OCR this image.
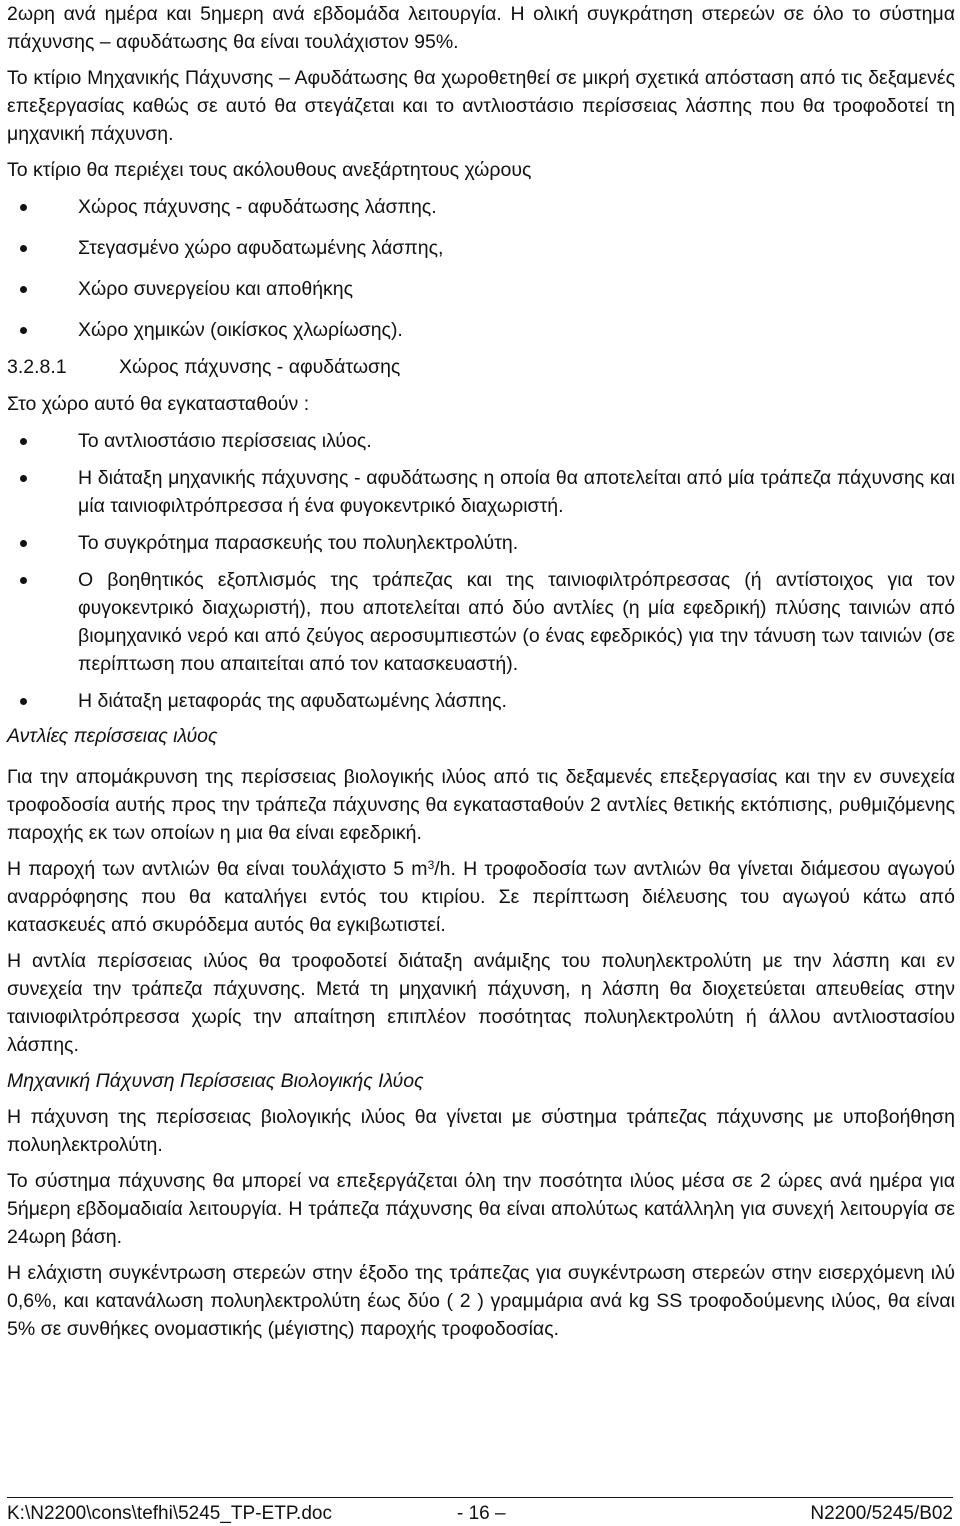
2ωρη ανά ημέρα και 5ημερη ανά εβδομάδα λειτουργία. Η ολική συγκράτηση στερεών σε όλο το σύστημα πάχυνσης – αφυδάτωσης θα είναι τουλάχιστον 95%.

Το κτίριο Μηχανικής Πάχυνσης – Αφυδάτωσης θα χωροθετηθεί σε μικρή σχετικά απόσταση από τις δεξαμενές επεξεργασίας καθώς σε αυτό θα στεγάζεται και το αντλιοστάσιο περίσσειας λάσπης που θα τροφοδοτεί τη μηχανική πάχυνση.

Το κτίριο θα περιέχει τους ακόλουθους ανεξάρτητους χώρους

Χώρος πάχυνσης - αφυδάτωσης λάσπης.
Στεγασμένο χώρο αφυδατωμένης λάσπης,
Χώρο συνεργείου και αποθήκης
Χώρο χημικών (οικίσκος χλωρίωσης).

3.2.8.1	Χώρος πάχυνσης - αφυδάτωσης

Στο χώρο αυτό θα εγκατασταθούν :

Το αντλιοστάσιο περίσσειας ιλύος.
Η διάταξη μηχανικής πάχυνσης - αφυδάτωσης η οποία θα αποτελείται από μία τράπεζα πάχυνσης και μία ταινιοφιλτρόπρεσσα ή ένα φυγοκεντρικό διαχωριστή.
Το συγκρότημα παρασκευής του πολυηλεκτρολύτη.
Ο βοηθητικός εξοπλισμός της τράπεζας και της ταινιοφιλτρόπρεσσας (ή αντίστοιχος για τον φυγοκεντρικό διαχωριστή), που αποτελείται από δύο αντλίες (η μία εφεδρική) πλύσης ταινιών από βιομηχανικό νερό και από ζεύγος αεροσυμπιεστών (ο ένας εφεδρικός) για την τάνυση των ταινιών (σε περίπτωση που απαιτείται από τον κατασκευαστή).
Η διάταξη μεταφοράς της αφυδατωμένης λάσπης.

Αντλίες περίσσειας ιλύος

Για την απομάκρυνση της περίσσειας βιολογικής ιλύος από τις δεξαμενές επεξεργασίας και την εν συνεχεία τροφοδοσία αυτής προς την τράπεζα πάχυνσης θα εγκατασταθούν 2 αντλίες θετικής εκτόπισης, ρυθμιζόμενης παροχής εκ των οποίων η μια θα είναι εφεδρική.

Η παροχή των αντλιών θα είναι τουλάχιστο 5 $m^3/h$. Η τροφοδοσία των αντλιών θα γίνεται διάμεσου αγωγού αναρρόφησης που θα καταλήγει εντός του κτιρίου. Σε περίπτωση διέλευσης του αγωγού κάτω από κατασκευές από σκυρόδεμα αυτός θα εγκιβωτιστεί.

Η αντλία περίσσειας ιλύος θα τροφοδοτεί διάταξη ανάμιξης του πολυηλεκτρολύτη με την λάσπη και εν συνεχεία την τράπεζα πάχυνσης. Μετά τη μηχανική πάχυνση, η λάσπη θα διοχετεύεται απευθείας στην ταινιοφιλτρόπρεσσα χωρίς την απαίτηση επιπλέον ποσότητας πολυηλεκτρολύτη ή άλλου αντλιοστασίου λάσπης.

Μηχανική Πάχυνση Περίσσειας Βιολογικής Ιλύος

Η πάχυνση της περίσσειας βιολογικής ιλύος θα γίνεται με σύστημα τράπεζας πάχυνσης με υποβοήθηση πολυηλεκτρολύτη.

Το σύστημα πάχυνσης θα μπορεί να επεξεργάζεται όλη την ποσότητα ιλύος μέσα σε 2 ώρες ανά ημέρα για 5ήμερη εβδομαδιαία λειτουργία. Η τράπεζα πάχυνσης θα είναι απολύτως κατάλληλη για συνεχή λειτουργία σε 24ωρη βάση.

Η ελάχιστη συγκέντρωση στερεών στην έξοδο της τράπεζας για συγκέντρωση στερεών στην εισερχόμενη ιλύ 0,6%, και κατανάλωση πολυηλεκτρολύτη έως δύο ( 2 ) γραμμάρια ανά kg SS τροφοδούμενης ιλύος, θα είναι 5% σε συνθήκες ονομαστικής (μέγιστης) παροχής τροφοδοσίας.

K:\N2200\cons\tefhi\5245_TP-ETP.doc	- 16 –	N2200/5245/B02
